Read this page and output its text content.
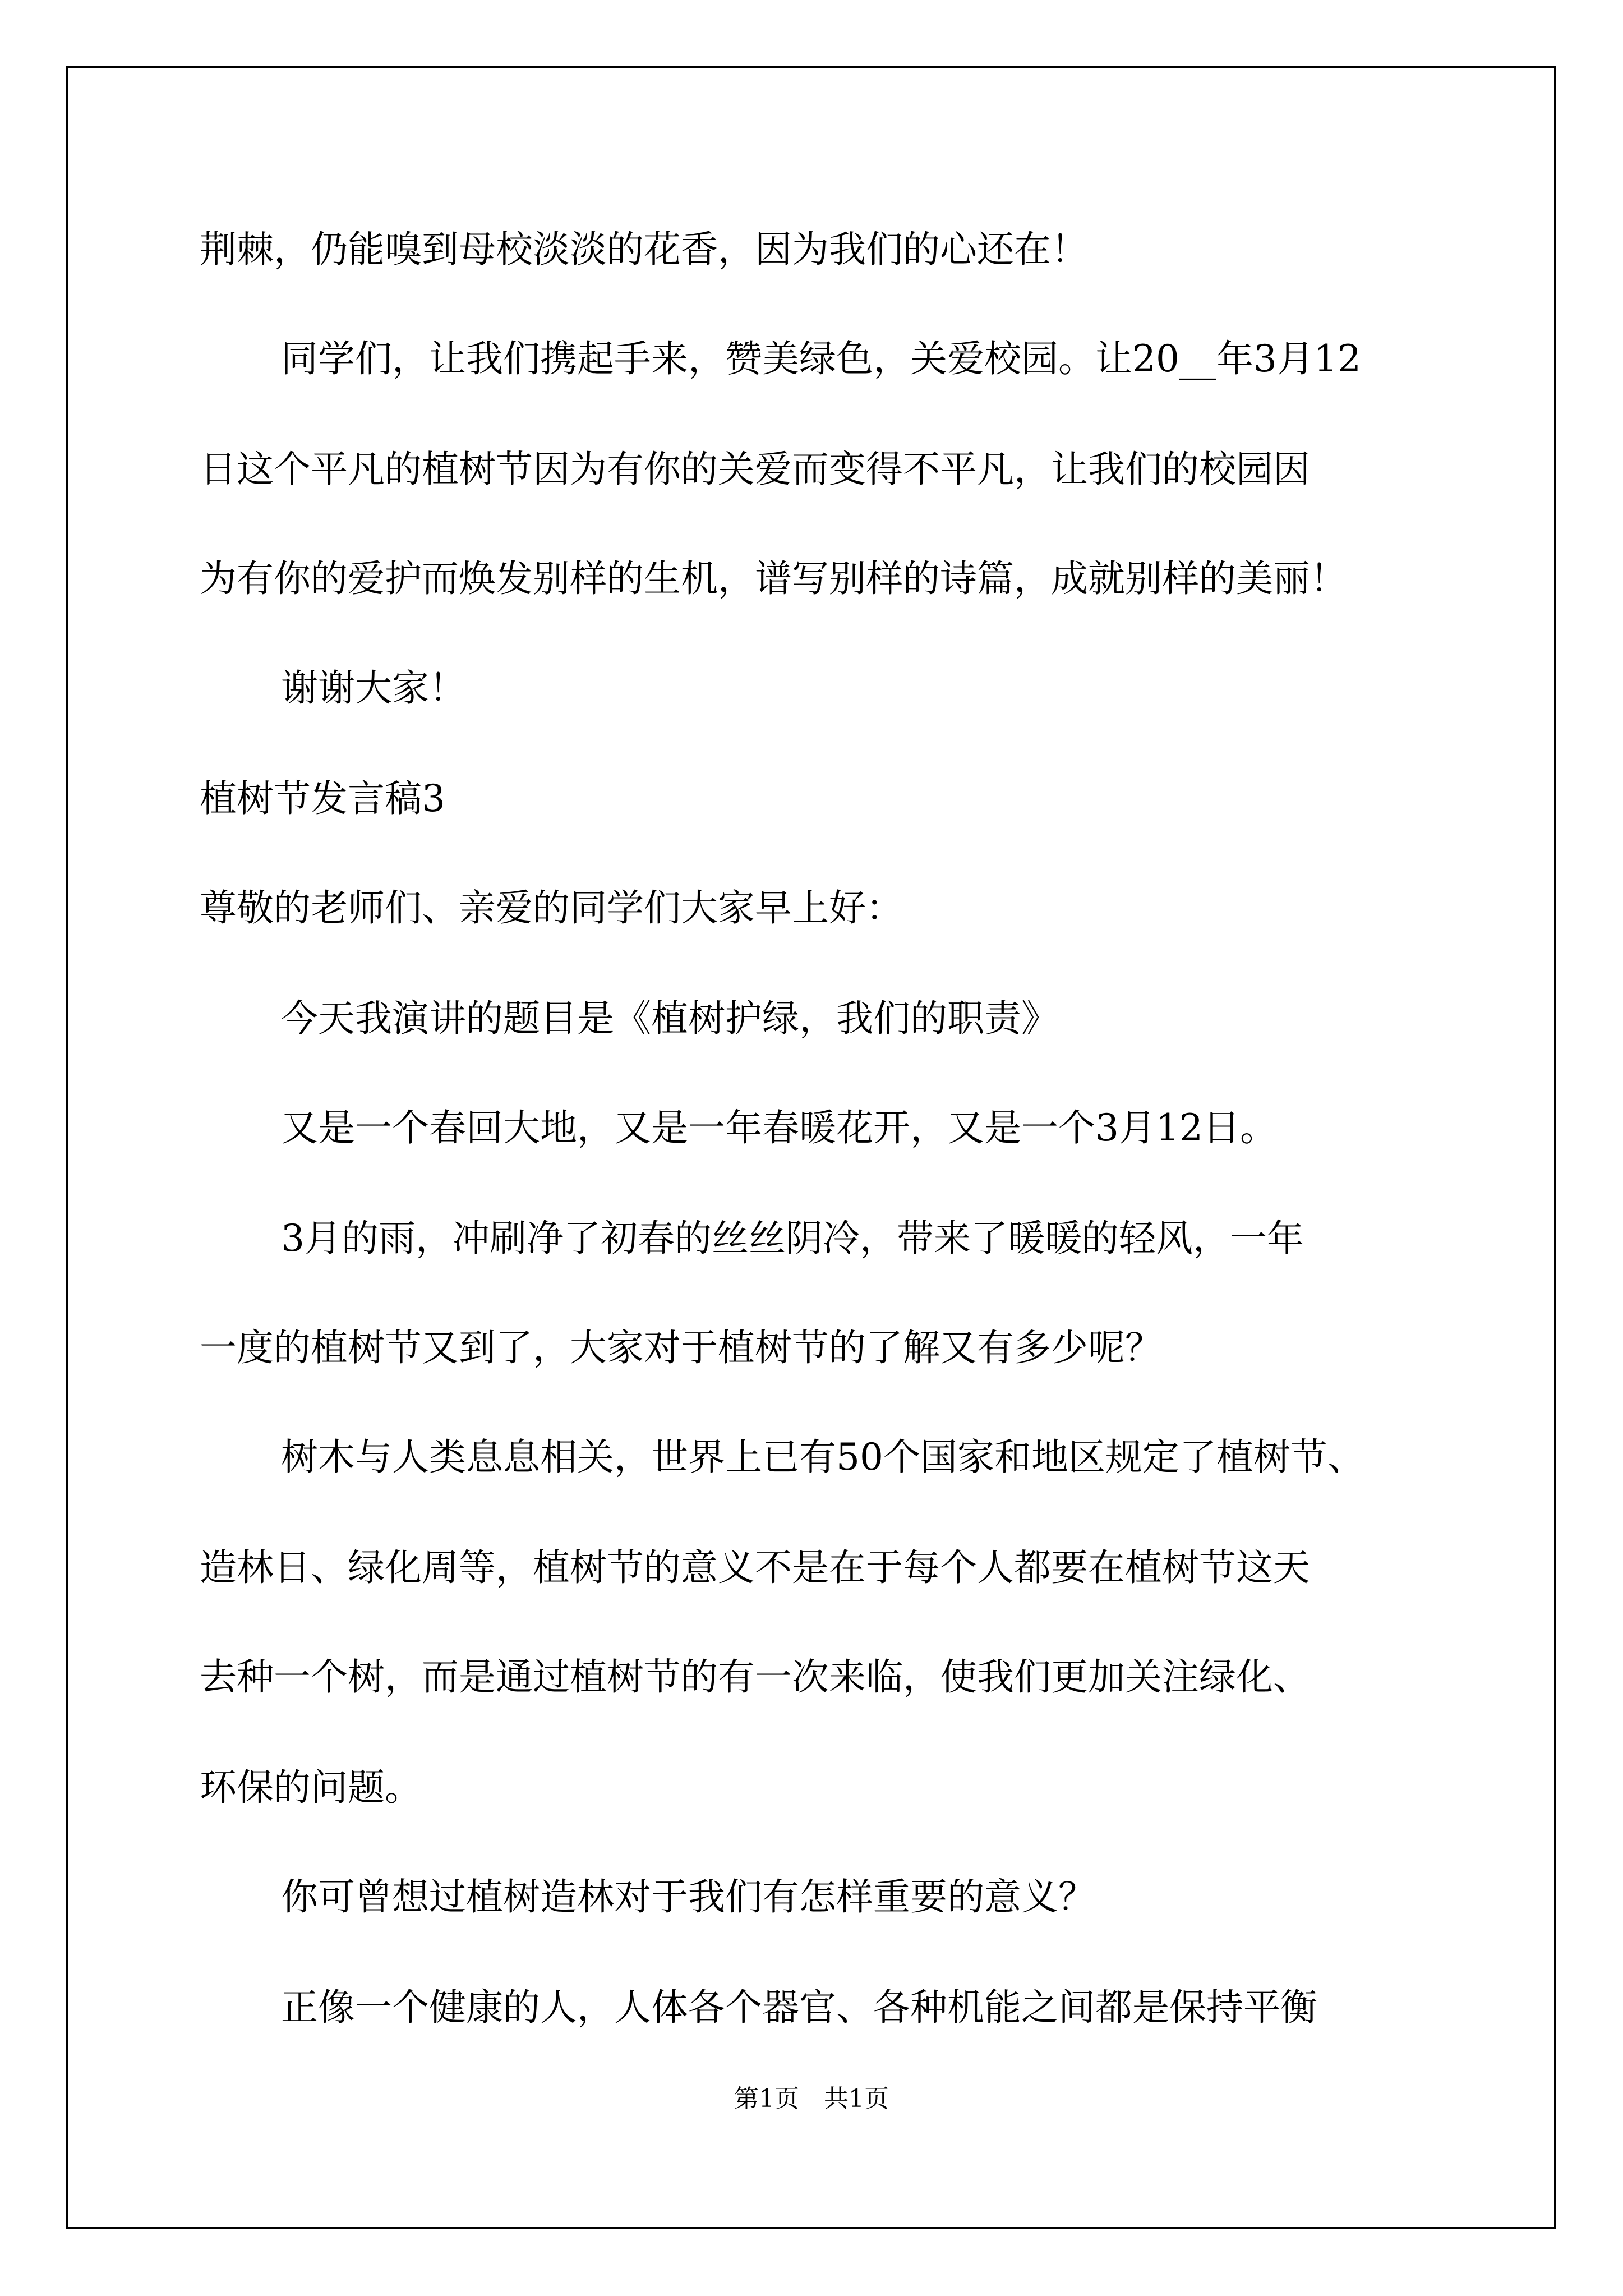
荆棘，仍能嗅到母校淡淡的花香，因为我们的心还在！

同学们，让我们携起手来，赞美绿色，关爱校园。让20__年3月12

日这个平凡的植树节因为有你的关爱而变得不平凡，让我们的校园因

为有你的爱护而焕发别样的生机，谱写别样的诗篇，成就别样的美丽！

谢谢大家！

植树节发言稿3

尊敬的老师们、亲爱的同学们大家早上好：

今天我演讲的题目是《植树护绿，我们的职责》

又是一个春回大地，又是一年春暖花开，又是一个3月12日。

3月的雨，冲刷净了初春的丝丝阴冷，带来了暖暖的轻风，一年

一度的植树节又到了，大家对于植树节的了解又有多少呢？

树木与人类息息相关，世界上已有50个国家和地区规定了植树节、

造林日、绿化周等，植树节的意义不是在于每个人都要在植树节这天

去种一个树，而是通过植树节的有一次来临，使我们更加关注绿化、

环保的问题。

你可曾想过植树造林对于我们有怎样重要的意义？

正像一个健康的人，人体各个器官、各种机能之间都是保持平衡

第1页　共1页
